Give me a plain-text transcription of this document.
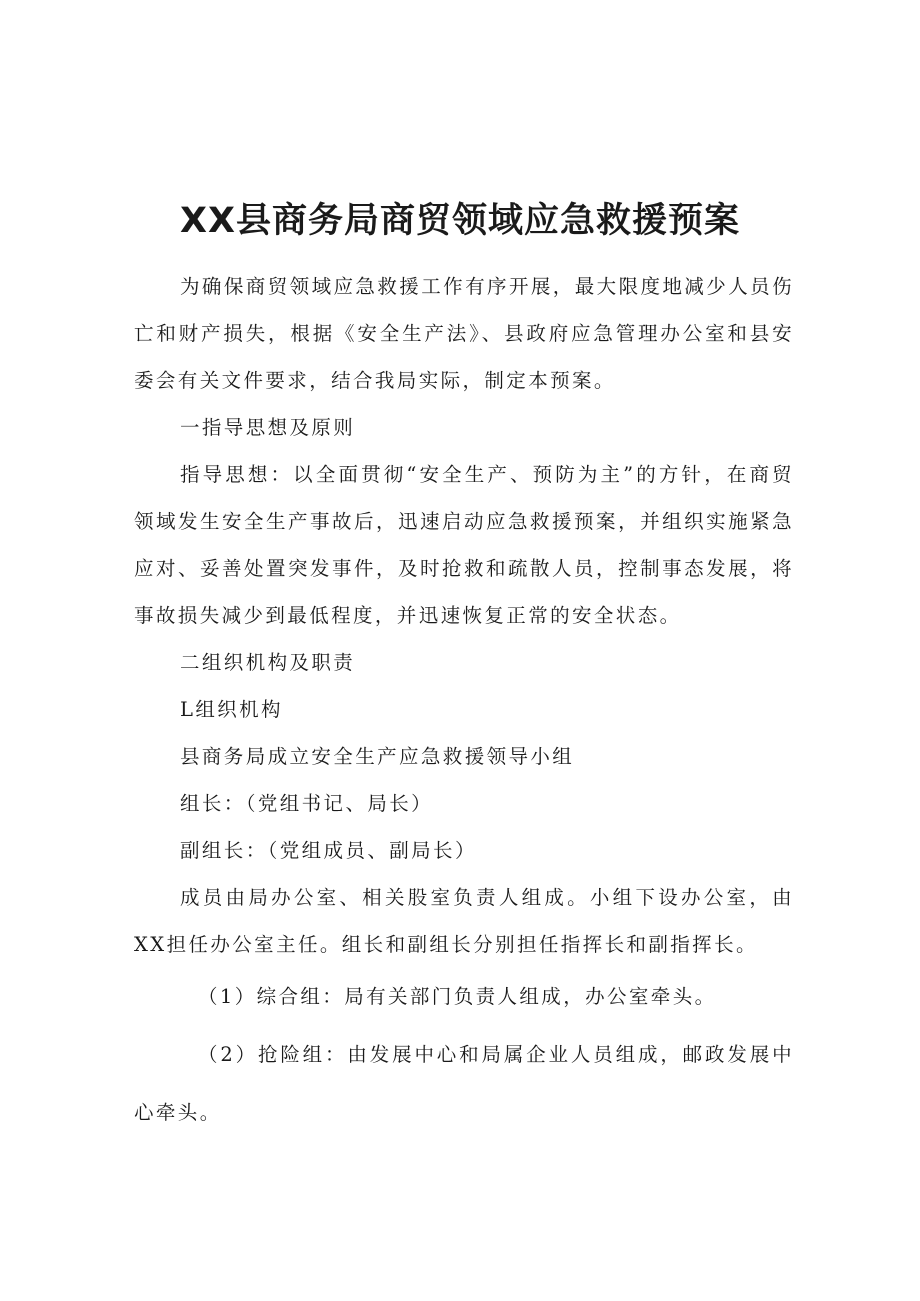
XX县商务局商贸领域应急救援预案

为确保商贸领域应急救援工作有序开展，最大限度地减少人员伤亡和财产损失，根据《安全生产法》、县政府应急管理办公室和县安委会有关文件要求，结合我局实际，制定本预案。

一指导思想及原则

指导思想：以全面贯彻“安全生产、预防为主”的方针，在商贸领域发生安全生产事故后，迅速启动应急救援预案，并组织实施紧急应对、妥善处置突发事件，及时抢救和疏散人员，控制事态发展，将事故损失减少到最低程度，并迅速恢复正常的安全状态。

二组织机构及职责

L组织机构

县商务局成立安全生产应急救援领导小组

组长：（党组书记、局长）

副组长：（党组成员、副局长）

成员由局办公室、相关股室负责人组成。小组下设办公室，由XX担任办公室主任。组长和副组长分别担任指挥长和副指挥长。

（1）综合组：局有关部门负责人组成，办公室牵头。

（2）抢险组：由发展中心和局属企业人员组成，邮政发展中心牵头。
